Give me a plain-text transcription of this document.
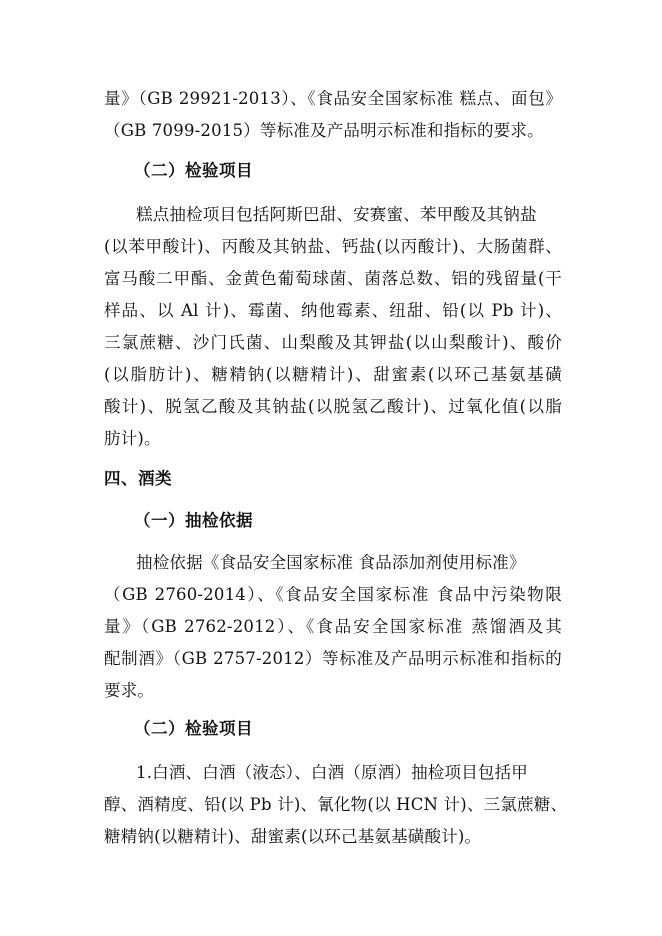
量》（GB 29921-2013）、《食品安全国家标准 糕点、面包》
（GB 7099-2015）等标准及产品明示标准和指标的要求。
（二）检验项目
糕点抽检项目包括阿斯巴甜、安赛蜜、苯甲酸及其钠盐
(以苯甲酸计)、丙酸及其钠盐、钙盐(以丙酸计)、大肠菌群、
富马酸二甲酯、金黄色葡萄球菌、菌落总数、铝的残留量(干
样品、以 Al 计)、霉菌、纳他霉素、纽甜、铅(以 Pb 计)、
三氯蔗糖、沙门氏菌、山梨酸及其钾盐(以山梨酸计)、酸价
(以脂肪计)、糖精钠(以糖精计)、甜蜜素(以环己基氨基磺
酸计)、脱氢乙酸及其钠盐(以脱氢乙酸计)、过氧化值(以脂
肪计)。
四、酒类
（一）抽检依据
抽检依据《食品安全国家标准 食品添加剂使用标准》
（GB 2760-2014）、《食品安全国家标准 食品中污染物限
量》（GB 2762-2012）、《食品安全国家标准 蒸馏酒及其
配制酒》（GB 2757-2012）等标准及产品明示标准和指标的
要求。
（二）检验项目
1.白酒、白酒（液态）、白酒（原酒）抽检项目包括甲
醇、酒精度、铅(以 Pb 计)、氰化物(以 HCN 计)、三氯蔗糖、
糖精钠(以糖精计)、甜蜜素(以环己基氨基磺酸计)。
